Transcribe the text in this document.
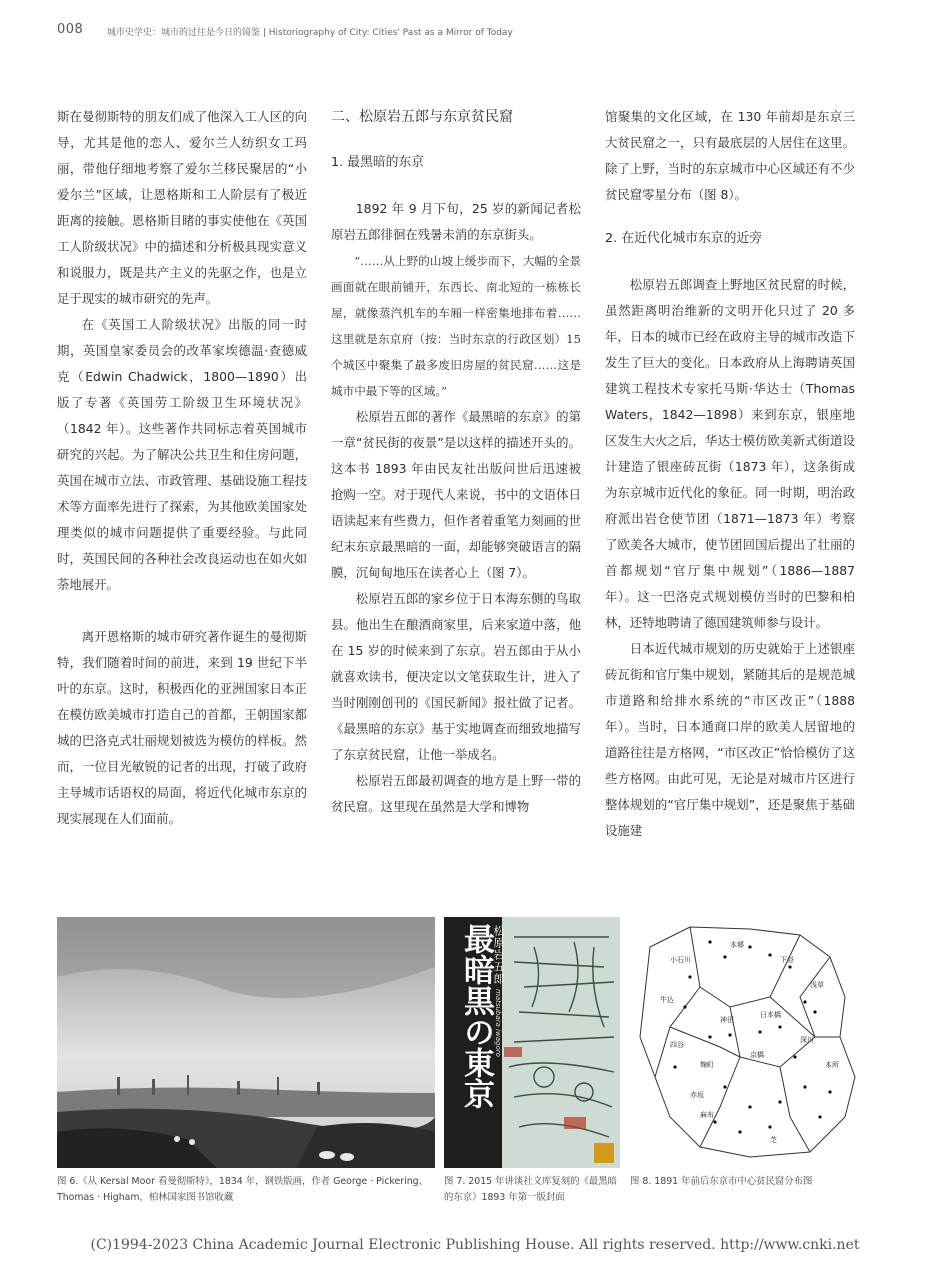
008	城市史学史：城市的过往是今日的镜鉴 | Historiography of City: Cities' Past as a Mirror of Today

斯在曼彻斯特的朋友们成了他深入工人区的向导，尤其是他的恋人、爱尔兰人纺织女工玛丽，带他仔细地考察了爱尔兰移民聚居的“小爱尔兰”区域，让恩格斯和工人阶层有了极近距离的接触。恩格斯目睹的事实使他在《英国工人阶级状况》中的描述和分析极具现实意义和说服力，既是共产主义的先驱之作，也是立足于现实的城市研究的先声。

在《英国工人阶级状况》出版的同一时期，英国皇家委员会的改革家埃德温·查德威克（Edwin Chadwick，1800—1890）出版了专著《英国劳工阶级卫生环境状况》（1842 年）。这些著作共同标志着英国城市研究的兴起。为了解决公共卫生和住房问题，英国在城市立法、市政管理、基础设施工程技术等方面率先进行了探索，为其他欧美国家处理类似的城市问题提供了重要经验。与此同时，英国民间的各种社会改良运动也在如火如荼地展开。

离开恩格斯的城市研究著作诞生的曼彻斯特，我们随着时间的前进，来到 19 世纪下半叶的东京。这时，积极西化的亚洲国家日本正在模仿欧美城市打造自己的首都，王朝国家都城的巴洛克式壮丽规划被选为模仿的样板。然而，一位目光敏锐的记者的出现，打破了政府主导城市话语权的局面，将近代化城市东京的现实展现在人们面前。

二、松原岩五郎与东京贫民窟

1. 最黑暗的东京

1892 年 9 月下旬，25 岁的新闻记者松原岩五郎徘徊在残暑未消的东京街头。

“……从上野的山坡上缓步而下，大幅的全景画面就在眼前铺开，东西长、南北短的一栋栋长屋，就像蒸汽机车的车厢一样密集地排布着……这里就是东京府（按：当时东京的行政区划）15 个城区中聚集了最多废旧房屋的贫民窟……这是城市中最下等的区域。”

松原岩五郎的著作《最黑暗的东京》的第一章“贫民街的夜景”是以这样的描述开头的。这本书 1893 年由民友社出版问世后迅速被抢购一空。对于现代人来说，书中的文语体日语读起来有些费力，但作者着重笔力刻画的世纪末东京最黑暗的一面，却能够突破语言的隔膜，沉甸甸地压在读者心上（图 7）。

松原岩五郎的家乡位于日本海东侧的鸟取县。他出生在酿酒商家里，后来家道中落，他在 15 岁的时候来到了东京。岩五郎由于从小就喜欢读书，便决定以文笔获取生计，进入了当时刚刚创刊的《国民新闻》报社做了记者。《最黑暗的东京》基于实地调查而细致地描写了东京贫民窟，让他一举成名。

松原岩五郎最初调查的地方是上野一带的贫民窟。这里现在虽然是大学和博物

馆聚集的文化区域，在 130 年前却是东京三大贫民窟之一，只有最底层的人居住在这里。除了上野，当时的东京城市中心区域还有不少贫民窟零星分布（图 8）。

2. 在近代化城市东京的近旁

松原岩五郎调查上野地区贫民窟的时候，虽然距离明治维新的文明开化只过了 20 多年，日本的城市已经在政府主导的城市改造下发生了巨大的变化。日本政府从上海聘请英国建筑工程技术专家托马斯·华达士（Thomas Waters，1842—1898）来到东京，银座地区发生大火之后，华达士模仿欧美新式街道设计建造了银座砖瓦街（1873 年），这条街成为东京城市近代化的象征。同一时期，明治政府派出岩仓使节团（1871—1873 年）考察了欧美各大城市，使节团回国后提出了壮丽的首都规划“官厅集中规划”（1886—1887 年）。这一巴洛克式规划模仿当时的巴黎和柏林，还特地聘请了德国建筑师参与设计。

日本近代城市规划的历史就始于上述银座砖瓦街和官厅集中规划，紧随其后的是规范城市道路和给排水系统的“市区改正”（1888 年）。当时，日本通商口岸的欧美人居留地的道路往往是方格网，“市区改正”恰恰模仿了这些方格网。由此可见，无论是对城市片区进行整体规划的“官厅集中规划”，还是聚焦于基础设施建

最暗黒の東京
松原岩五郎
matsubara iwagoro
本郷
小石川	下谷
浅草
牛込
神田
日本橋
深川
京橋
四谷
麹町	本所
赤坂
麻布
芝
图 6.《从 Kersal Moor 看曼彻斯特》，1834 年，钢铁版画，作者 George · Pickering、Thomas · Higham，柏林国家图书馆收藏
图 7. 2015 年讲谈社文库复刻的《最黑暗的东京》1893 年第一版封面
图 8. 1891 年前后东京市中心贫民窟分布图
(C)1994-2023 China Academic Journal Electronic Publishing House. All rights reserved. http://www.cnki.net
